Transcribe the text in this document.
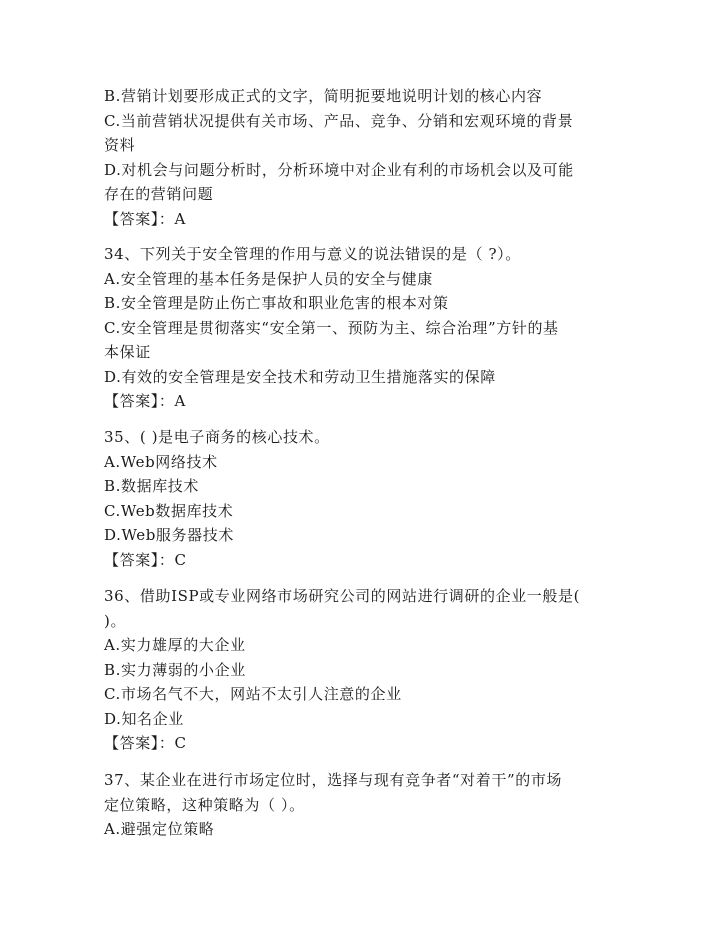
B.营销计划要形成正式的文字，简明扼要地说明计划的核心内容
C.当前营销状况提供有关市场、产品、竞争、分销和宏观环境的背景
资料
D.对机会与问题分析时，分析环境中对企业有利的市场机会以及可能
存在的营销问题
【答案】：A
34、下列关于安全管理的作用与意义的说法错误的是（ ?）。
A.安全管理的基本任务是保护人员的安全与健康
B.安全管理是防止伤亡事故和职业危害的根本对策
C.安全管理是贯彻落实“安全第一、预防为主、综合治理”方针的基
本保证
D.有效的安全管理是安全技术和劳动卫生措施落实的保障
【答案】：A
35、( )是电子商务的核心技术。
A.Web网络技术
B.数据库技术
C.Web数据库技术
D.Web服务器技术
【答案】：C
36、借助ISP或专业网络市场研究公司的网站进行调研的企业一般是(
)。
A.实力雄厚的大企业
B.实力薄弱的小企业
C.市场名气不大，网站不太引人注意的企业
D.知名企业
【答案】：C
37、某企业在进行市场定位时，选择与现有竞争者“对着干”的市场
定位策略，这种策略为（ ）。
A.避强定位策略
